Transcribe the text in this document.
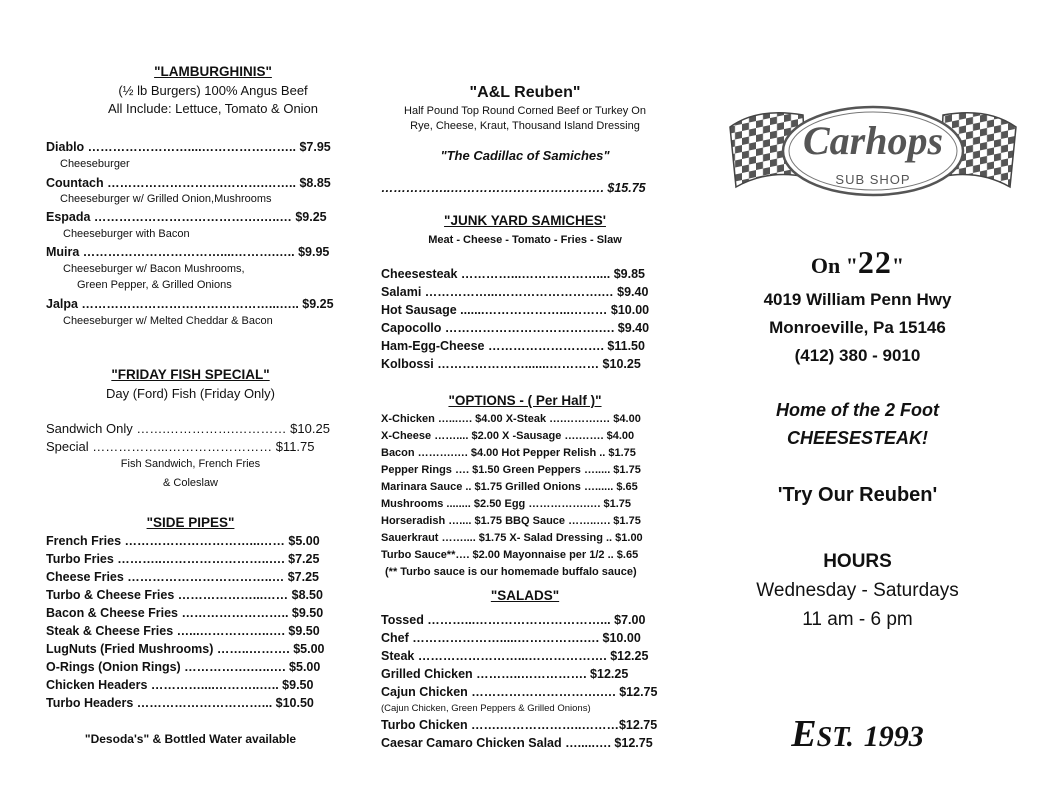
"LAMBURGHINIS"
(½ lb Burgers) 100% Angus Beef
All Include: Lettuce, Tomato & Onion
Diablo ……………………....………………….. $7.95
Cheeseburger
Countach ……………………….……….…….. $8.85
Cheeseburger w/ Grilled Onion,Mushrooms
Espada ………………………………….…..… $9.25
Cheeseburger with Bacon
Muira ……………………………....……….….. $9.95
Cheeseburger w/ Bacon Mushrooms,
Green Pepper, & Grilled Onions
Jalpa ………………………………………...….. $9.25
Cheeseburger w/ Melted Cheddar & Bacon
"FRIDAY FISH SPECIAL"
Day (Ford) Fish (Friday Only)
Sandwich Only …….…………….………… $10.25
Special ……………...…………………… $11.75
Fish Sandwich, French Fries
& Coleslaw
"SIDE PIPES"
French Fries …………………………...…… $5.00
Turbo Fries ………..……………………..…. $7.25
Cheese Fries ……………………………..… $7.25
Turbo & Cheese Fries ………………...…… $8.50
Bacon & Cheese Fries …………………….. $9.50
Steak & Cheese Fries …...……………..…. $9.50
LugNuts (Fried Mushrooms) ……..………. $5.00
O-Rings (Onion Rings) …………….…..…. $5.00
Chicken Headers …………....………..….. $9.50
Turbo Headers …………………………... $10.50
"Desoda's" & Bottled Water available
"A&L Reuben"
Half Pound Top Round Corned Beef or Turkey On
Rye, Cheese, Kraut, Thousand Island Dressing
"The Cadillac of Samiches"
……………..………………………………. $15.75
"JUNK YARD SAMICHES'
Meat - Cheese - Tomato - Fries - Slaw
Cheesesteak …………...……………….... $9.85
Salami ……………...…………………….… $9.40
Hot Sausage .......………………...……… $10.00
Capocollo ……………………………….…. $9.40
Ham-Egg-Cheese ………………………. $11.50
Kolbossi ………………….......………… $10.25
"OPTIONS - ( Per Half )"
X-Chicken …...…. $4.00 X-Steak ….……….… $4.00
X-Cheese …….... $2.00 X -Sausage ….……. $4.00
Bacon ……….…. $4.00 Hot Pepper Relish .. $1.75
Pepper Rings …. $1.50 Green Peppers …..... $1.75
Marinara Sauce .. $1.75 Grilled Onions …...... $.65
Mushrooms ........ $2.50 Egg …………….…. $1.75
Horseradish ….... $1.75 BBQ Sauce ……..…. $1.75
Sauerkraut …….... $1.75 X- Salad Dressing .. $1.00
Turbo Sauce**…. $2.00 Mayonnaise per 1/2 .. $.65
(** Turbo sauce is our homemade buffalo sauce)
"SALADS"
Tossed ………...…………………………... $7.00
Chef ………………….....…………….…. $10.00
Steak ……………………...………………. $12.25
Grilled Chicken ………..……………. $12.25
Cajun Chicken ………………………….…. $12.75
(Cajun Chicken, Green Peppers & Grilled Onions)
Turbo Chicken …….………………..………$12.75
Caesar Camaro Chicken Salad ….....…. $12.75
Carhops
SUB SHOP
On "22"
4019 William Penn Hwy
Monroeville, Pa 15146
(412) 380 - 9010
Home of the 2 Foot
CHEESESTEAK!
'Try Our Reuben'
HOURS
Wednesday - Saturdays
11 am - 6 pm
EST. 1993
